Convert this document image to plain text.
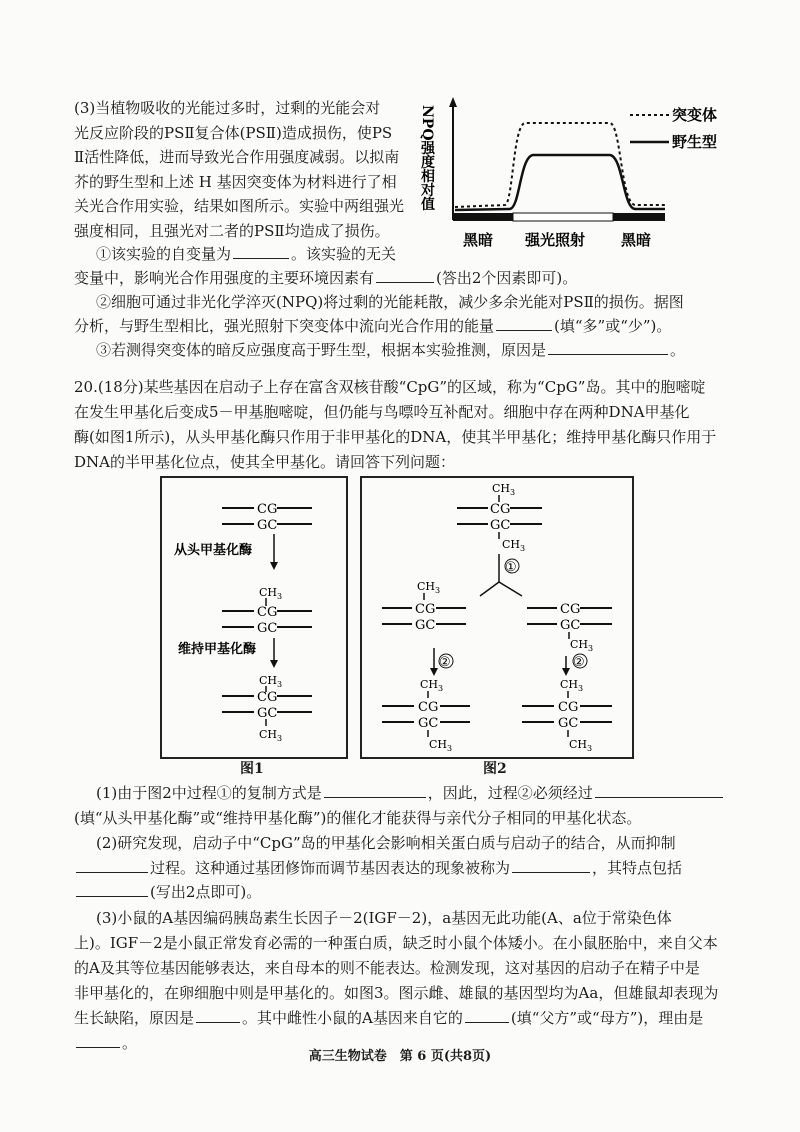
(3)当植物吸收的光能过多时，过剩的光能会对
光反应阶段的PSⅡ复合体(PSⅡ)造成损伤，使PS
Ⅱ活性降低，进而导致光合作用强度减弱。以拟南
芥的野生型和上述 H 基因突变体为材料进行了相
关光合作用实验，结果如图所示。实验中两组强光
强度相同，且强光对二者的PSⅡ均造成了损伤。
NPQ强度相对值	突变体
野生型
黑暗 强光照射 黑暗
①该实验的自变量为	。该实验的无关
变量中，影响光合作用强度的主要环境因素有	(答出2个因素即可)。
②细胞可通过非光化学淬灭(NPQ)将过剩的光能耗散，减少多余光能对PSⅡ的损伤。据图
分析，与野生型相比，强光照射下突变体中流向光合作用的能量	(填“多”或“少”)。
③若测得突变体的暗反应强度高于野生型，根据本实验推测，原因是	。
20.(18分)某些基因在启动子上存在富含双核苷酸“CpG”的区域，称为“CpG”岛。其中的胞嘧啶
在发生甲基化后变成5－甲基胞嘧啶，但仍能与鸟嘌呤互补配对。细胞中存在两种DNA甲基化
酶(如图1所示)，从头甲基化酶只作用于非甲基化的DNA，使其半甲基化；维持甲基化酶只作用于
DNA的半甲基化位点，使其全甲基化。请回答下列问题：
CG
GC
从头甲基化酶
$CH_3$
CG
GC
维持甲基化酶
$CH_3$
CG
GC
$CH_3$
图1
$CH_3$
CG
GC
$CH_3$
①
$CH_3$
CG
GC
CG
GC
$CH_3$
②	②
$CH_3$
CG
GC
$CH_3$
$CH_3$
CG
GC
$CH_3$
图2
(1)由于图2中过程①的复制方式是	，因此，过程②必须经过
(填“从头甲基化酶”或“维持甲基化酶”)的催化才能获得与亲代分子相同的甲基化状态。
(2)研究发现，启动子中“CpG”岛的甲基化会影响相关蛋白质与启动子的结合，从而抑制
过程。这种通过基团修饰而调节基因表达的现象被称为	，其特点包括
(写出2点即可)。
(3)小鼠的A基因编码胰岛素生长因子－2(IGF－2)，a基因无此功能(A、a位于常染色体
上)。IGF－2是小鼠正常发育必需的一种蛋白质，缺乏时小鼠个体矮小。在小鼠胚胎中，来自父本
的A及其等位基因能够表达，来自母本的则不能表达。检测发现，这对基因的启动子在精子中是
非甲基化的，在卵细胞中则是甲基化的。如图3。图示雌、雄鼠的基因型均为Aa，但雄鼠却表现为
生长缺陷，原因是	。其中雌性小鼠的A基因来自它的	(填“父方”或“母方”)，理由是
。
高三生物试卷　第 6 页(共8页)
